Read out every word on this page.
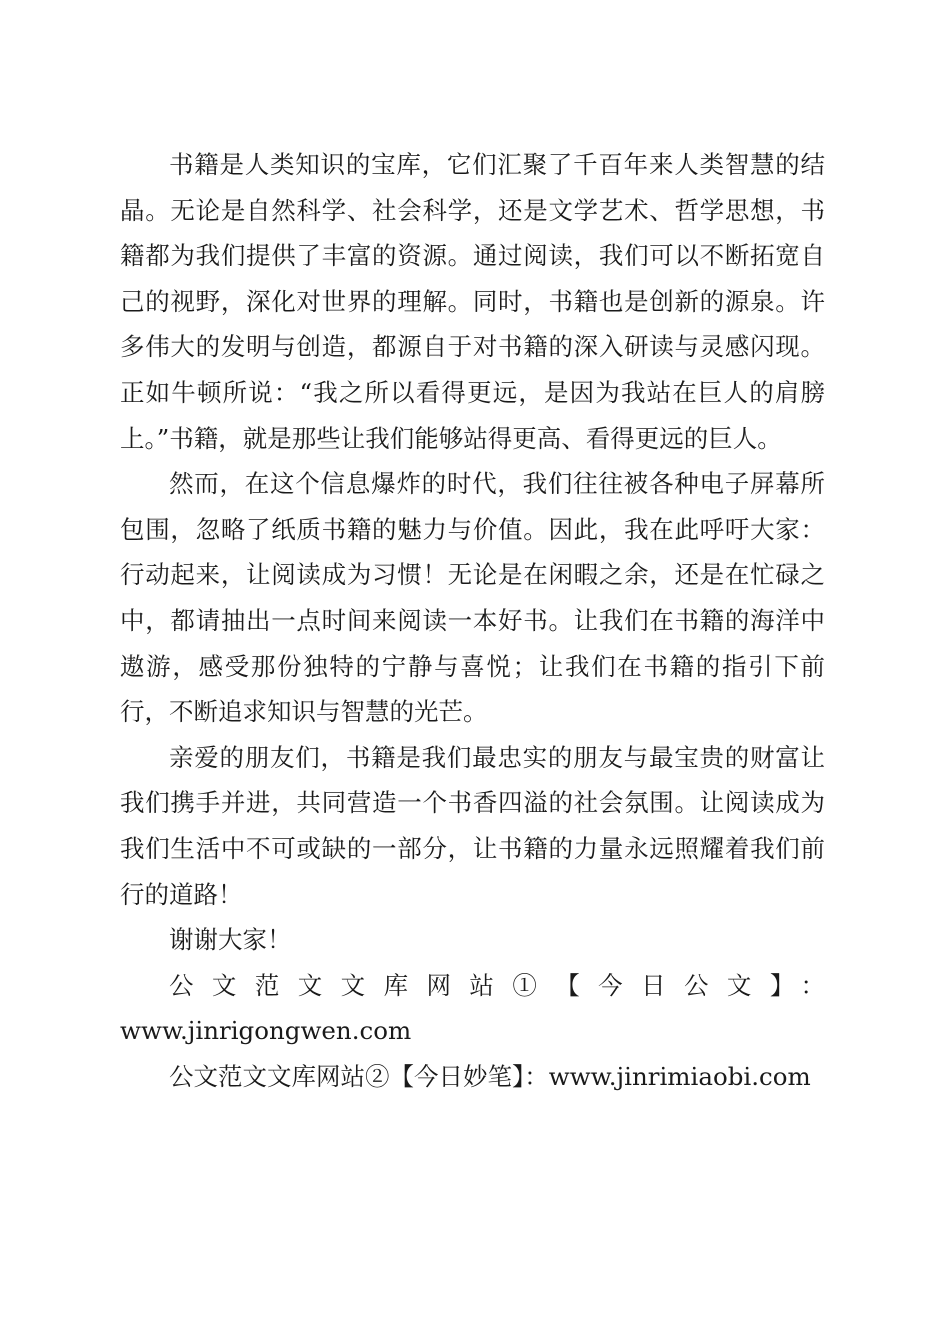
书籍是人类知识的宝库，它们汇聚了千百年来人类智慧的结晶。无论是自然科学、社会科学，还是文学艺术、哲学思想，书籍都为我们提供了丰富的资源。通过阅读，我们可以不断拓宽自己的视野，深化对世界的理解。同时，书籍也是创新的源泉。许多伟大的发明与创造，都源自于对书籍的深入研读与灵感闪现。正如牛顿所说：“我之所以看得更远，是因为我站在巨人的肩膀上。”书籍，就是那些让我们能够站得更高、看得更远的巨人。

然而，在这个信息爆炸的时代，我们往往被各种电子屏幕所包围，忽略了纸质书籍的魅力与价值。因此，我在此呼吁大家：行动起来，让阅读成为习惯！无论是在闲暇之余，还是在忙碌之中，都请抽出一点时间来阅读一本好书。让我们在书籍的海洋中遨游，感受那份独特的宁静与喜悦；让我们在书籍的指引下前行，不断追求知识与智慧的光芒。

亲爱的朋友们，书籍是我们最忠实的朋友与最宝贵的财富让我们携手并进，共同营造一个书香四溢的社会氛围。让阅读成为我们生活中不可或缺的一部分，让书籍的力量永远照耀着我们前行的道路！

谢谢大家！

公文范文文库网站①【今日公文】：

www.jinrigongwen.com

公文范文文库网站②【今日妙笔】：www.jinrimiaobi.com
